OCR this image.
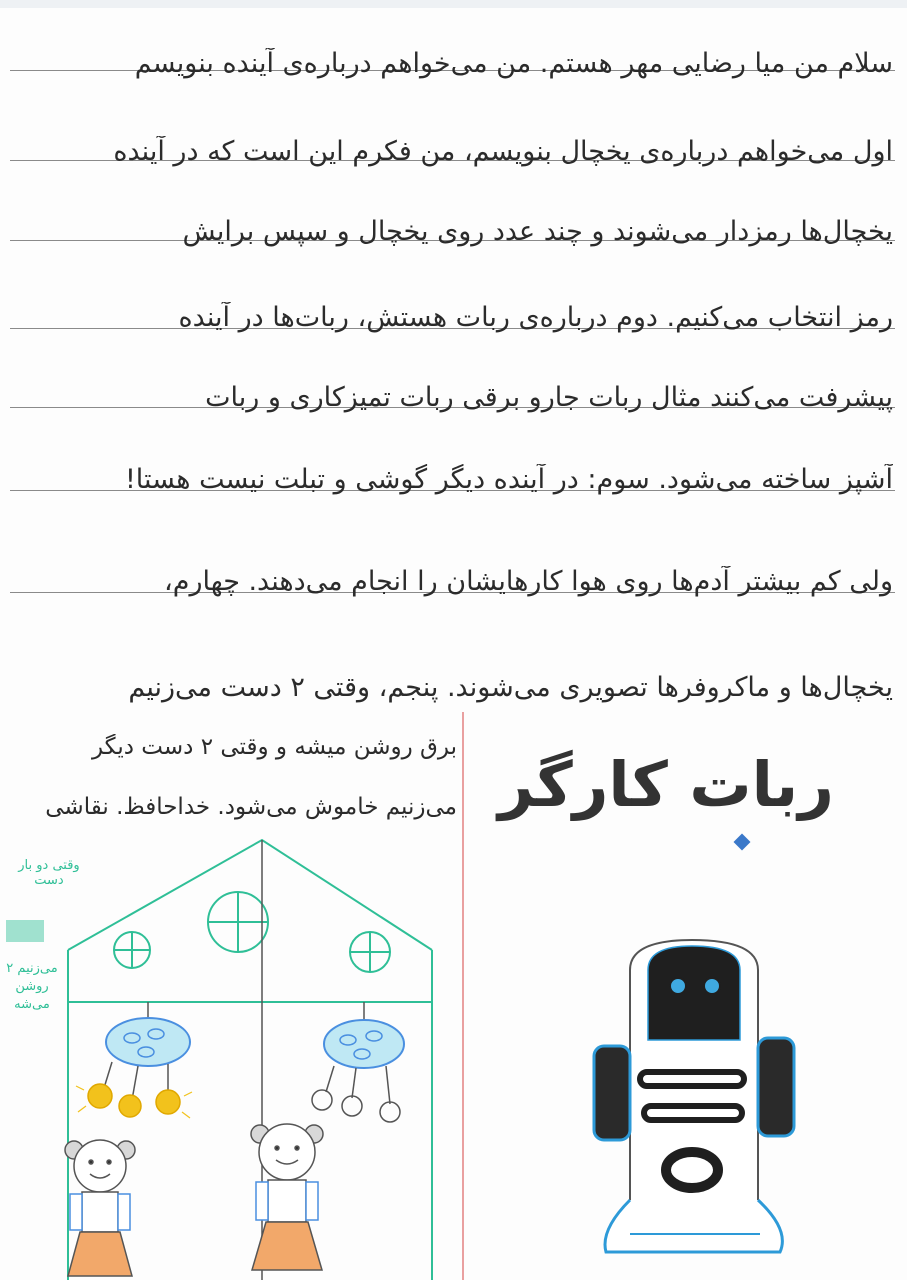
سلام من میا رضایی مهر هستم. من می‌خواهم درباره‌ی آینده بنویسم
اول می‌خواهم درباره‌ی یخچال بنویسم، من فکرم این است که در آینده
یخچال‌ها رمزدار می‌شوند و چند عدد روی یخچال و سپس برایش
رمز انتخاب می‌کنیم. دوم درباره‌ی ربات هستش، ربات‌ها در آینده
پیشرفت می‌کنند مثال ربات جارو برقی ربات تمیزکاری و ربات
آشپز ساخته می‌شود. سوم: در آینده دیگر گوشی و تبلت نیست هستا!
ولی کم بیشتر آدم‌ها روی هوا کارهایشان را انجام می‌دهند. چهارم،
یخچال‌ها و ماکروفرها تصویری می‌شوند. پنجم، وقتی ۲ دست می‌زنیم
برق روشن میشه و وقتی ۲ دست دیگر
می‌زنیم خاموش می‌شود. خداحافظ. نقاشی ربات کارگر
وقتی دو بار دست
می‌زنیم ۲ روشن می‌شه
